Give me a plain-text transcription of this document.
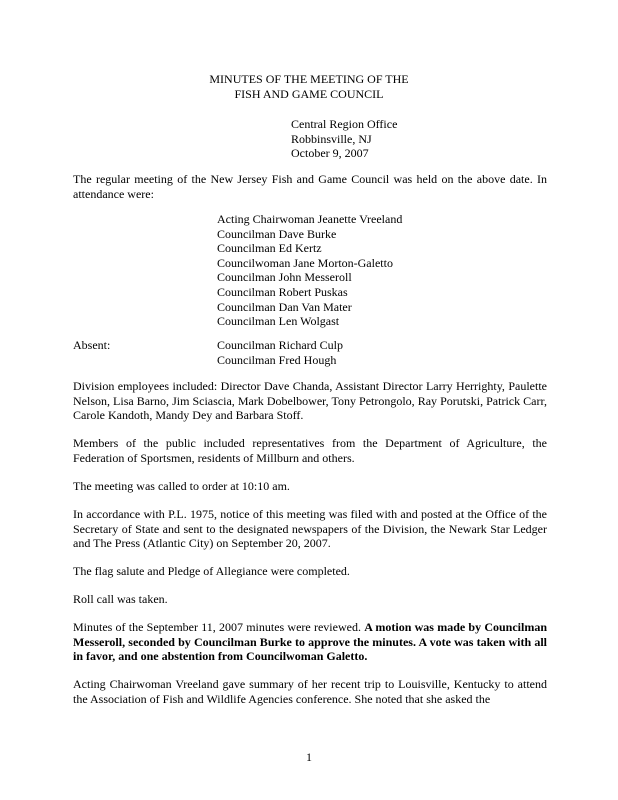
MINUTES OF THE MEETING OF THE
FISH AND GAME COUNCIL
Central Region Office
Robbinsville, NJ
October 9, 2007
The regular meeting of the New Jersey Fish and Game Council was held on the above date. In attendance were:
Acting Chairwoman Jeanette Vreeland
Councilman Dave Burke
Councilman Ed Kertz
Councilwoman Jane Morton-Galetto
Councilman John Messeroll
Councilman Robert Puskas
Councilman Dan Van Mater
Councilman Len Wolgast
Absent:	Councilman Richard Culp
Councilman Fred Hough
Division employees included: Director Dave Chanda, Assistant Director Larry Herrighty, Paulette Nelson, Lisa Barno, Jim Sciascia, Mark Dobelbower, Tony Petrongolo, Ray Porutski, Patrick Carr, Carole Kandoth, Mandy Dey and Barbara Stoff.
Members of the public included representatives from the Department of Agriculture, the Federation of Sportsmen, residents of Millburn and others.
The meeting was called to order at 10:10 am.
In accordance with P.L. 1975, notice of this meeting was filed with and posted at the Office of the Secretary of State and sent to the designated newspapers of the Division, the Newark Star Ledger and The Press (Atlantic City) on September 20, 2007.
The flag salute and Pledge of Allegiance were completed.
Roll call was taken.
Minutes of the September 11, 2007 minutes were reviewed. A motion was made by Councilman Messeroll, seconded by Councilman Burke to approve the minutes. A vote was taken with all in favor, and one abstention from Councilwoman Galetto.
Acting Chairwoman Vreeland gave summary of her recent trip to Louisville, Kentucky to attend the Association of Fish and Wildlife Agencies conference. She noted that she asked the
1
